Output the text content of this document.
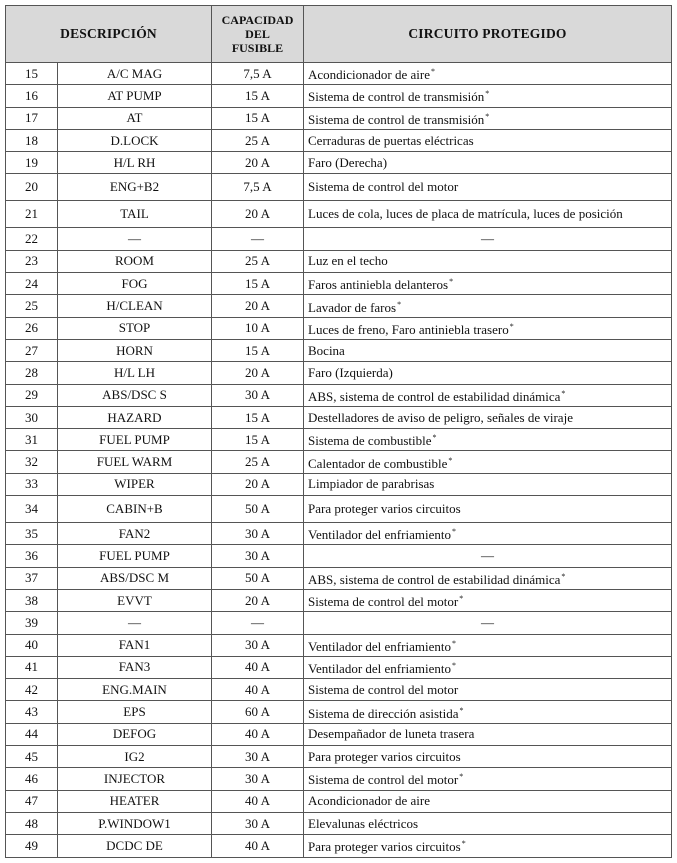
DESCRIPCIÓN		CAPACIDAD
DEL
FUSIBLE	CIRCUITO PROTEGIDO
15	A/C MAG	7,5 A	Acondicionador de aire*
16	AT PUMP	15 A	Sistema de control de transmisión*
17	AT	15 A	Sistema de control de transmisión*
18	D.LOCK	25 A	Cerraduras de puertas eléctricas
19	H/L RH	20 A	Faro (Derecha)
20	ENG+B2	7,5 A	Sistema de control del motor
21	TAIL	20 A	Luces de cola, luces de placa de matrícula, luces de posición
22	—	—	—
23	ROOM	25 A	Luz en el techo
24	FOG	15 A	Faros antiniebla delanteros*
25	H/CLEAN	20 A	Lavador de faros*
26	STOP	10 A	Luces de freno, Faro antiniebla trasero*
27	HORN	15 A	Bocina
28	H/L LH	20 A	Faro (Izquierda)
29	ABS/DSC S	30 A	ABS, sistema de control de estabilidad dinámica*
30	HAZARD	15 A	Destelladores de aviso de peligro, señales de viraje
31	FUEL PUMP	15 A	Sistema de combustible*
32	FUEL WARM	25 A	Calentador de combustible*
33	WIPER	20 A	Limpiador de parabrisas
34	CABIN+B	50 A	Para proteger varios circuitos
35	FAN2	30 A	Ventilador del enfriamiento*
36	FUEL PUMP	30 A	—
37	ABS/DSC M	50 A	ABS, sistema de control de estabilidad dinámica*
38	EVVT	20 A	Sistema de control del motor*
39	—	—	—
40	FAN1	30 A	Ventilador del enfriamiento*
41	FAN3	40 A	Ventilador del enfriamiento*
42	ENG.MAIN	40 A	Sistema de control del motor
43	EPS	60 A	Sistema de dirección asistida*
44	DEFOG	40 A	Desempañador de luneta trasera
45	IG2	30 A	Para proteger varios circuitos
46	INJECTOR	30 A	Sistema de control del motor*
47	HEATER	40 A	Acondicionador de aire
48	P.WINDOW1	30 A	Elevalunas eléctricos
49	DCDC DE	40 A	Para proteger varios circuitos*
